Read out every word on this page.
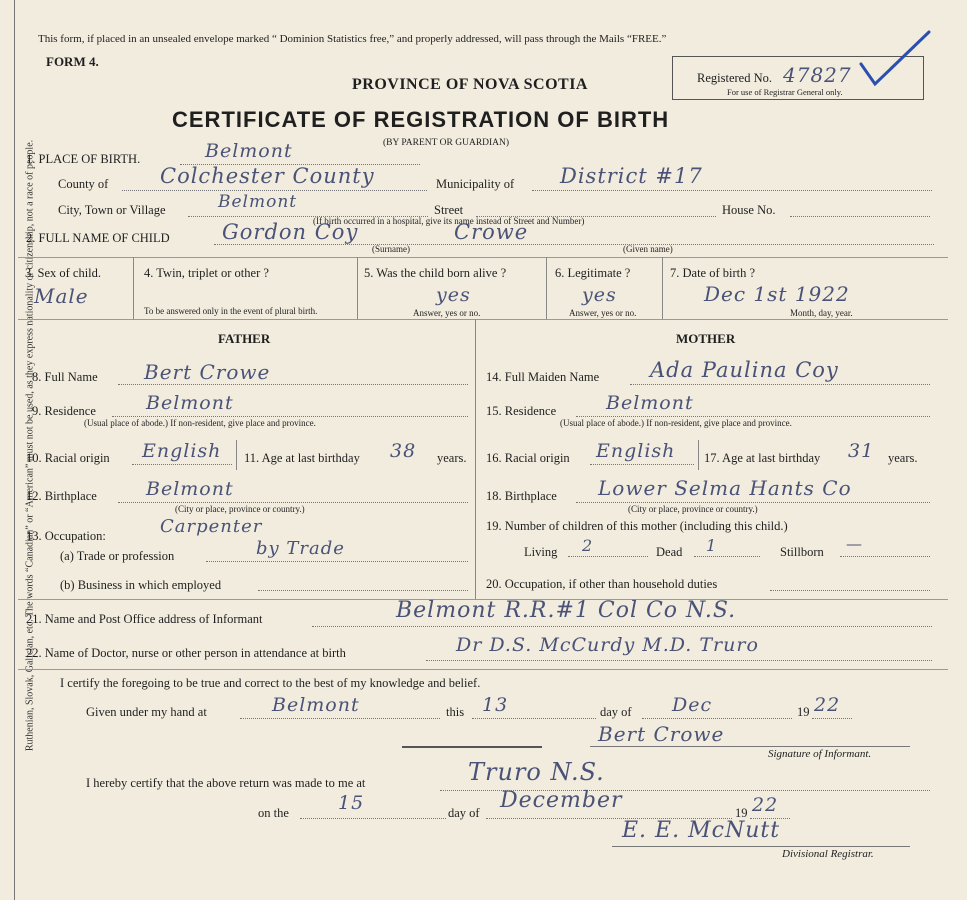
Ruthenian, Slovak, Galician, etc. The words “Canadian” or “American” must not be used, as they express nationality or citizenship, not a race of people.
This form, if placed in an unsealed envelope marked “ Dominion Statistics free,” and properly addressed, will pass through the Mails “FREE.”
FORM 4.
PROVINCE OF NOVA SCOTIA	Registered No. 47827
For use of Registrar General only.
CERTIFICATE OF REGISTRATION OF BIRTH
(BY PARENT OR GUARDIAN)
1. PLACE OF BIRTH.	Belmont
County of Colchester County	Municipality of District #17
City, Town or Village	Belmont	Street	House No.
(If birth occurred in a hospital, give its name instead of Street and Number)
2. FULL NAME OF CHILD Gordon Coy	Crowe
(Surname)	(Given name)
3. Sex of child.
Male
4. Twin, triplet or other ?
To be answered only in the event of plural birth.
5. Was the child born alive ?
yes
Answer, yes or no.
6. Legitimate ?
yes
Answer, yes or no.
7. Date of birth ?
Dec 1st 1922
Month, day, year.
FATHER	MOTHER
8. Full Name Bert Crowe
9. Residence	Belmont
(Usual place of abode.) If non-resident, give place and province.
10. Racial origin English 11. Age at last birthday 38 years.
12. Birthplace	Belmont
(City or place, province or country.)
13. Occupation:	Carpenter
(a) Trade or profession	by Trade
(b) Business in which employed
14. Full Maiden Name Ada Paulina Coy
15. Residence	Belmont
(Usual place of abode.) If non-resident, give place and province.
16. Racial origin English 17. Age at last birthday 31 years.
18. Birthplace Lower Selma Hants Co
(City or place, province or country.)
19. Number of children of this mother (including this child.)
Living 2	Dead 1	Stillborn —
20. Occupation, if other than household duties
21. Name and Post Office address of Informant	Belmont R.R.#1 Col Co N.S.
22. Name of Doctor, nurse or other person in attendance at birth	Dr D.S. McCurdy M.D. Truro
I certify the foregoing to be true and correct to the best of my knowledge and belief.
Given under my hand at	Belmont	this 13	day of Dec	19 22
Bert Crowe
Signature of Informant.
I hereby certify that the above return was made to me at	Truro N.S.
on the	15	day of December	19 22
E. E. McNutt
Divisional Registrar.
